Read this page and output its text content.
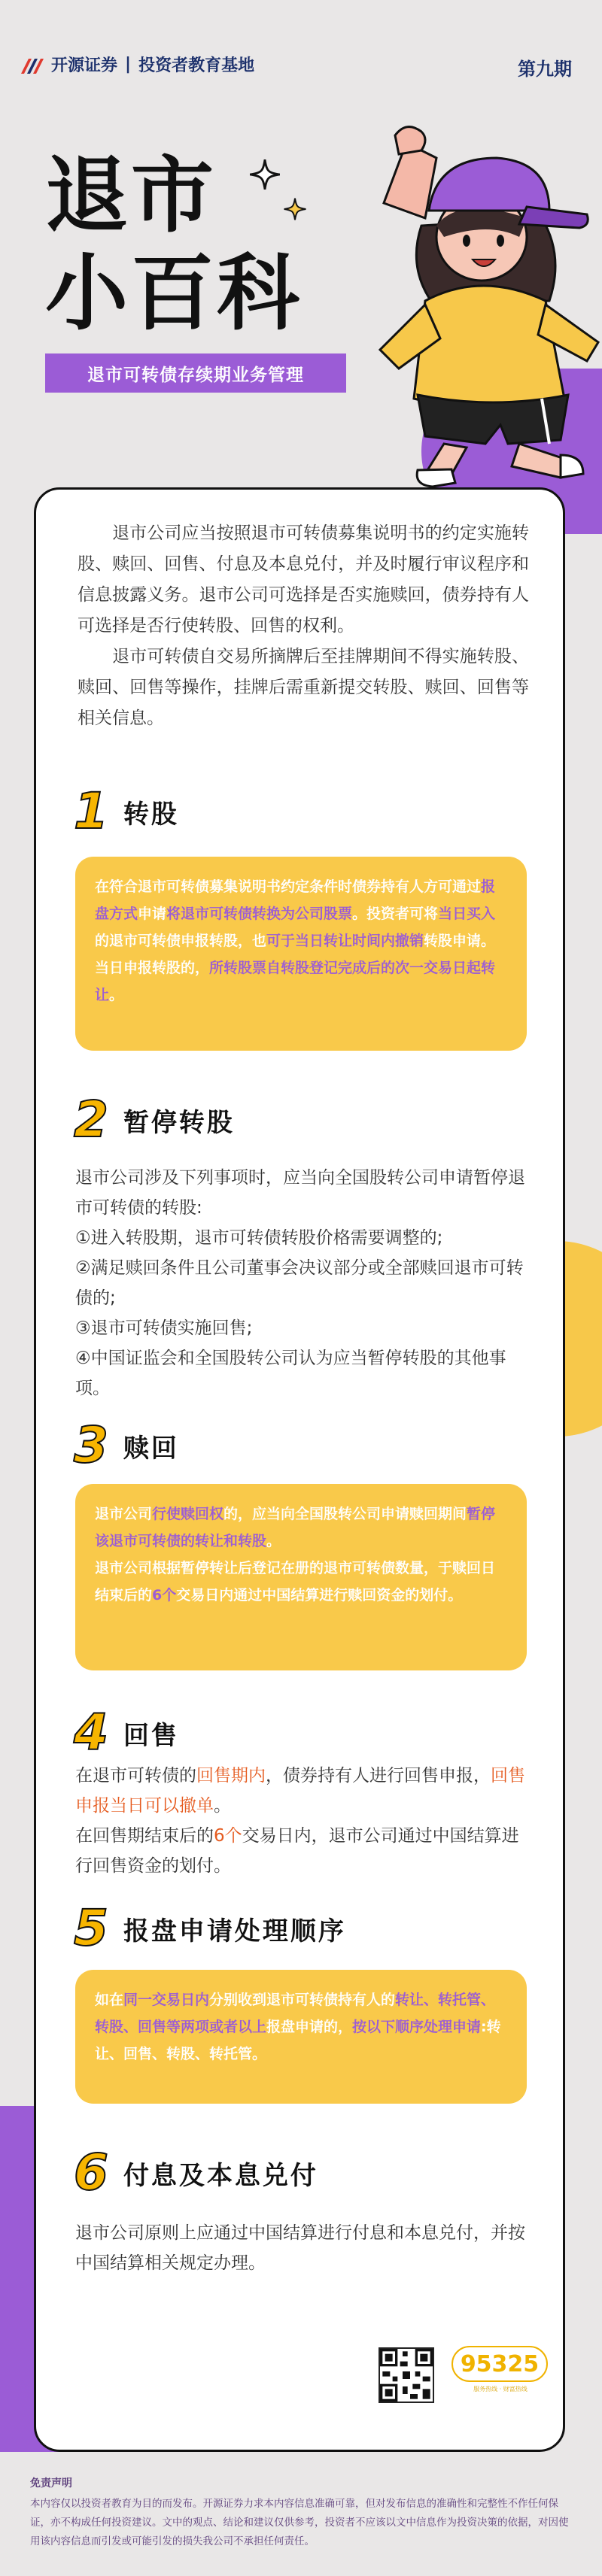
开源证券 | 投资者教育基地	第九期
退市
小百科
退市可转债存续期业务管理

  退市公司应当按照退市可转债募集说明书的约定实施转股、赎回、回售、付息及本息兑付，并及时履行审议程序和信息披露义务。退市公司可选择是否实施赎回，债券持有人可选择是否行使转股、回售的权利。

  退市可转债自交易所摘牌后至挂牌期间不得实施转股、赎回、回售等操作，挂牌后需重新提交转股、赎回、回售等相关信息。

1 转股

在符合退市可转债募集说明书约定条件时债券持有人方可通过报盘方式申请将退市可转债转换为公司股票。投资者可将当日买入的退市可转债申报转股，也可于当日转让时间内撤销转股申请。

当日申报转股的，所转股票自转股登记完成后的次一交易日起转让。

2 暂停转股

退市公司涉及下列事项时，应当向全国股转公司申请暂停退市可转债的转股:

①进入转股期，退市可转债转股价格需要调整的;

②满足赎回条件且公司董事会决议部分或全部赎回退市可转债的;

③退市可转债实施回售;

④中国证监会和全国股转公司认为应当暂停转股的其他事项。

3 赎回

退市公司行使赎回权的，应当向全国股转公司申请赎回期间暂停该退市可转债的转让和转股。

退市公司根据暂停转让后登记在册的退市可转债数量，于赎回日结束后的6个交易日内通过中国结算进行赎回资金的划付。

4 回售

在退市可转债的回售期内，债券持有人进行回售申报，回售申报当日可以撤单。

在回售期结束后的6个交易日内，退市公司通过中国结算进行回售资金的划付。

5 报盘申请处理顺序

如在同一交易日内分别收到退市可转债持有人的转让、转托管、转股、回售等两项或者以上报盘申请的，按以下顺序处理申请:转让、回售、转股、转托管。

6 付息及本息兑付

退市公司原则上应通过中国结算进行付息和本息兑付，并按中国结算相关规定办理。

95325
服务热线 · 财富热线
免责声明
本内容仅以投资者教育为目的而发布。开源证券力求本内容信息准确可靠，但对发布信息的准确性和完整性不作任何保证，亦不构成任何投资建议。文中的观点、结论和建议仅供参考，投资者不应该以文中信息作为投资决策的依据，对因使用该内容信息而引发或可能引发的损失我公司不承担任何责任。
